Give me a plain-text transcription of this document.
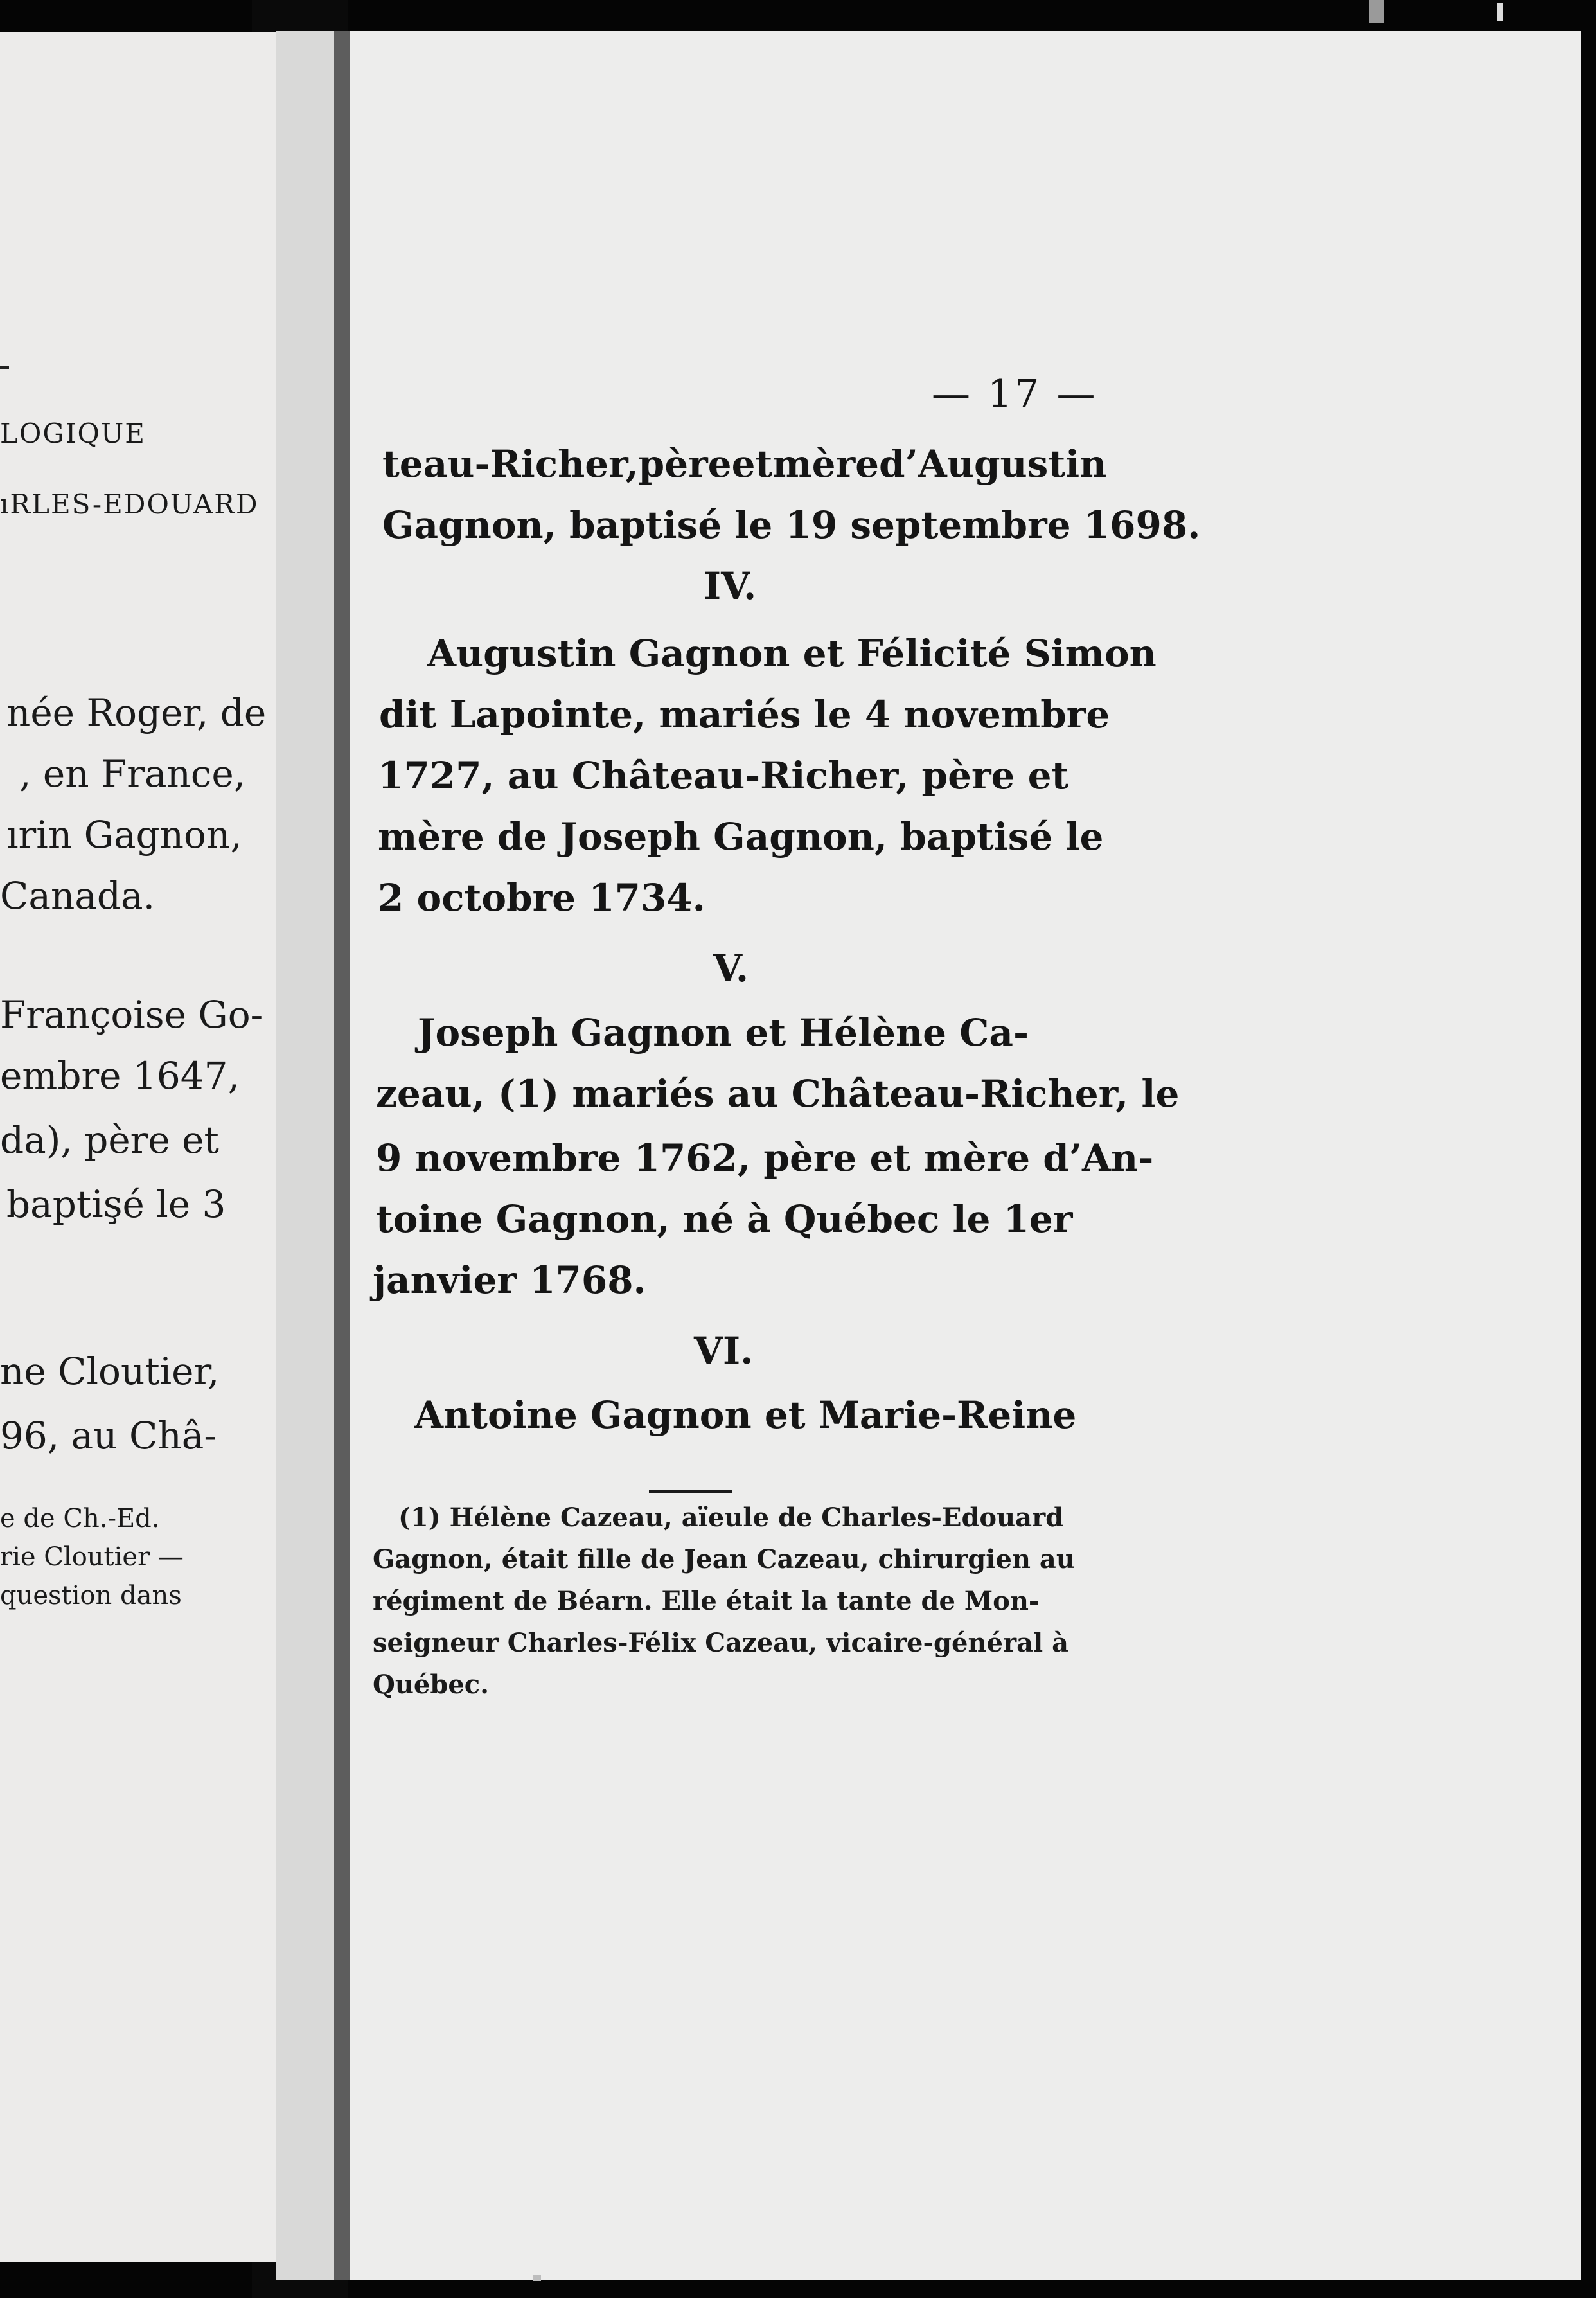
LOGIQUE
ıRLES-EDOUARD
née Roger, de
, en France,
ırin Gagnon,
Canada.
Françoise Go-
embre 1647,
da), père et
baptişé le 3
ne Cloutier,
96, au Châ-
e de Ch.-Ed.
rie Cloutier —
question dans
— 17 —
teau-Richer, père et mère d’Augustin
Gagnon, baptisé le 19 septembre 1698.
IV.
Augustin Gagnon et Félicité Simon
dit Lapointe, mariés le 4 novembre
1727, au Château-Richer, père et
mère de Joseph Gagnon, baptisé le
2 octobre 1734.
V.
Joseph Gagnon et Hélène Ca-
zeau, (1) mariés au Château-Richer, le
9 novembre 1762, père et mère d’An-
toine Gagnon, né à Québec le 1er
janvier 1768.
VI.
Antoine Gagnon et Marie-Reine
(1) Hélène Cazeau, aïeule de Charles-Edouard
Gagnon, était fille de Jean Cazeau, chirurgien au
régiment de Béarn. Elle était la tante de Mon-
seigneur Charles-Félix Cazeau, vicaire-général à
Québec.
